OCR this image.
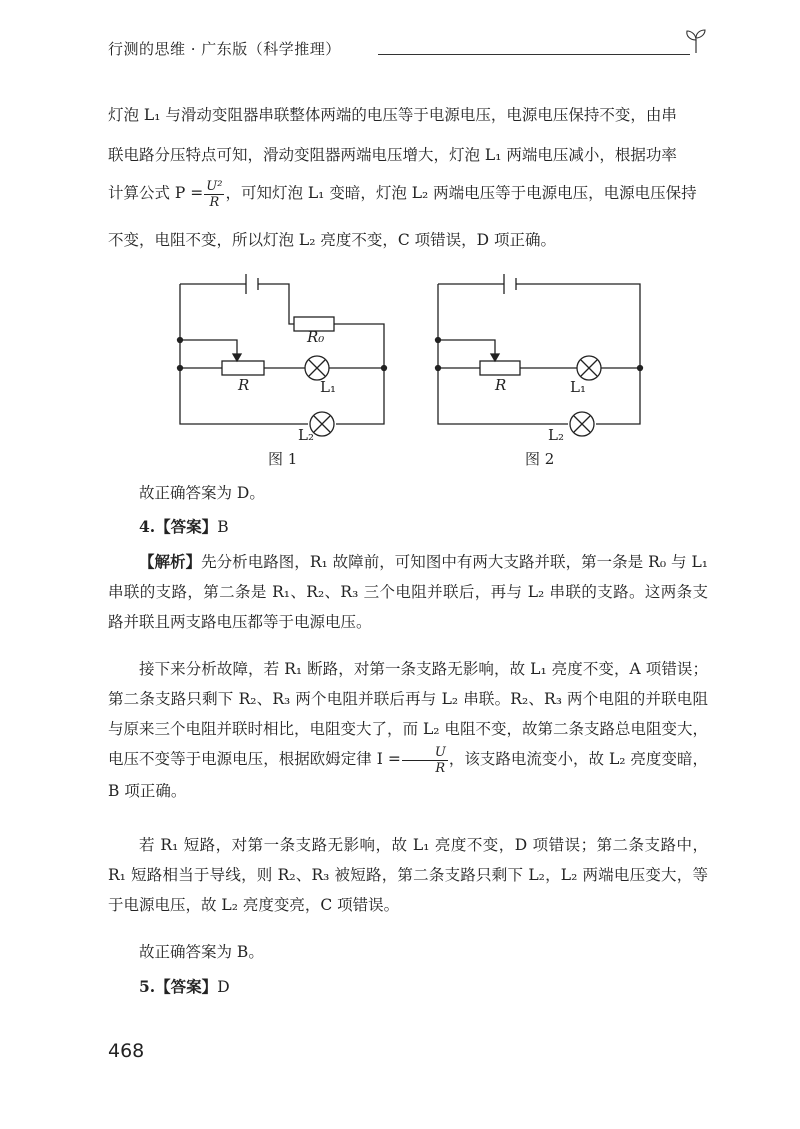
行测的思维 · 广东版（科学推理）

灯泡 L₁ 与滑动变阻器串联整体两端的电压等于电源电压，电源电压保持不变，由串

联电路分压特点可知，滑动变阻器两端电压增大，灯泡 L₁ 两端电压减小，根据功率

计算公式 $P = \frac{\text{U²}}{R}$ ，可知灯泡 L₁ 变暗，灯泡 L₂ 两端电压等于电源电压，电源电压保持

不变，电阻不变，所以灯泡 L₂ 亮度不变，C 项错误，D 项正确。

R₀
R	L₁
L₂
图 1
R	L₁
L₂
图 2

故正确答案为 D。

4.【答案】B

【解析】先分析电路图，R₁ 故障前，可知图中有两大支路并联，第一条是 R₀ 与 L₁ 串联的支路，第二条是 R₁、R₂、R₃ 三个电阻并联后，再与 L₂ 串联的支路。这两条支路并联且两支路电压都等于电源电压。

接下来分析故障，若 R₁ 断路，对第一条支路无影响，故 L₁ 亮度不变，A 项错误；第二条支路只剩下 R₂、R₃ 两个电阻并联后再与 L₂ 串联。R₂、R₃ 两个电阻的并联电阻与原来三个电阻并联时相比，电阻变大了，而 L₂ 电阻不变，故第二条支路总电阻变大，电压不变等于电源电压，根据欧姆定律 $I = \frac{U}{R}$ ，该支路电流变小，故 L₂ 亮度变暗，B 项正确。

若 R₁ 短路，对第一条支路无影响，故 L₁ 亮度不变，D 项错误；第二条支路中，R₁ 短路相当于导线，则 R₂、R₃ 被短路，第二条支路只剩下 L₂，L₂ 两端电压变大，等于电源电压，故 L₂ 亮度变亮，C 项错误。

故正确答案为 B。

5.【答案】D

468
